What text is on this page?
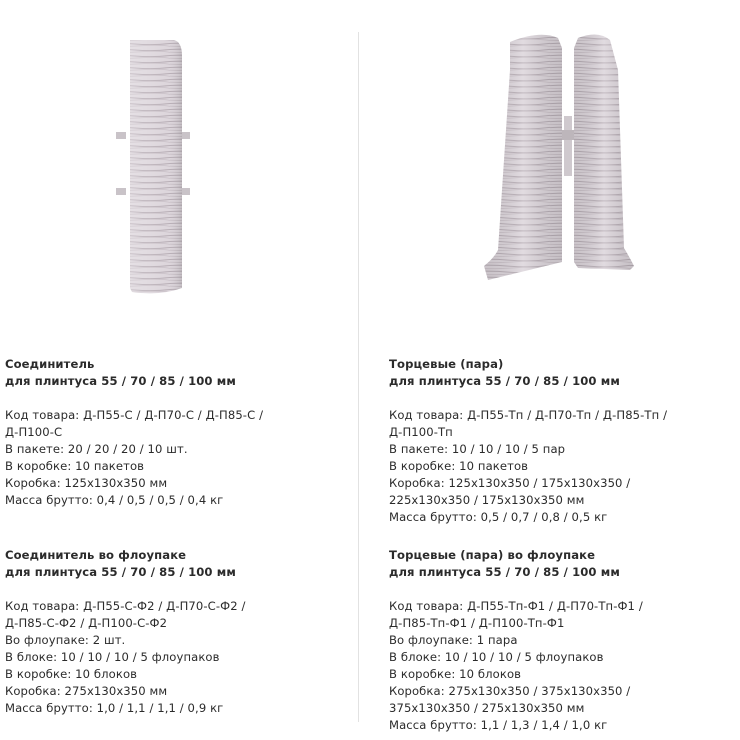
Соединитель
для плинтуса 55 / 70 / 85 / 100 мм
Код товара: Д-П55-С / Д-П70-С / Д-П85-С /
Д-П100-С
В пакете: 20 / 20 / 20 / 10 шт.
В коробке: 10 пакетов
Коробка: 125х130х350 мм
Масса брутто: 0,4 / 0,5 / 0,5 / 0,4 кг
Соединитель во флоупаке
для плинтуса 55 / 70 / 85 / 100 мм
Код товара: Д-П55-С-Ф2 / Д-П70-С-Ф2 /
Д-П85-С-Ф2 / Д-П100-С-Ф2
Во флоупаке: 2 шт.
В блоке: 10 / 10 / 10 / 5 флоупаков
В коробке: 10 блоков
Коробка: 275х130х350 мм
Масса брутто: 1,0 / 1,1 / 1,1 / 0,9 кг
Торцевые (пара)
для плинтуса 55 / 70 / 85 / 100 мм
Код товара: Д-П55-Тп / Д-П70-Тп / Д-П85-Тп /
Д-П100-Тп
В пакете: 10 / 10 / 10 / 5 пар
В коробке: 10 пакетов
Коробка: 125х130х350 / 175х130х350 /
225х130х350 / 175х130х350 мм
Масса брутто: 0,5 / 0,7 / 0,8 / 0,5 кг
Торцевые (пара) во флоупаке
для плинтуса 55 / 70 / 85 / 100 мм
Код товара: Д-П55-Тп-Ф1 / Д-П70-Тп-Ф1 /
Д-П85-Тп-Ф1 / Д-П100-Тп-Ф1
Во флоупаке: 1 пара
В блоке: 10 / 10 / 10 / 5 флоупаков
В коробке: 10 блоков
Коробка: 275х130х350 / 375х130х350 /
375х130х350 / 275х130х350 мм
Масса брутто: 1,1 / 1,3 / 1,4 / 1,0 кг
